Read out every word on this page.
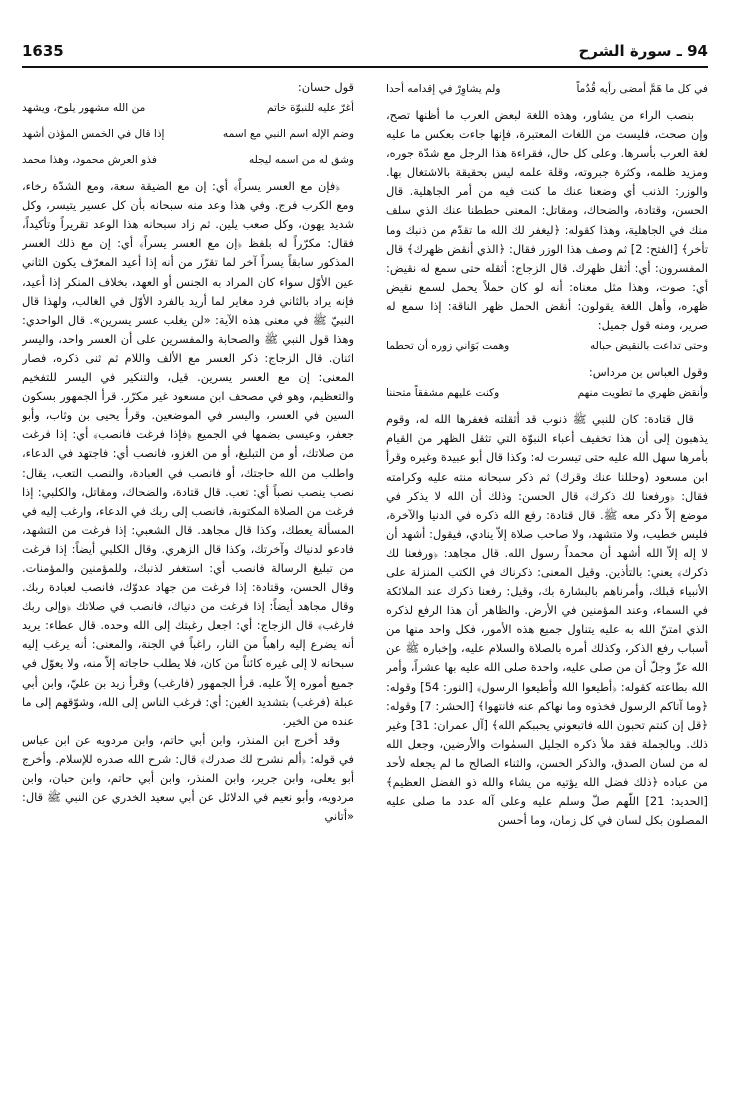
1635	94 ـ سورة الشرح
في كل ما هَمَّ أمضى رأيه قُدُماً
ولم يشاوِرْ في إقدامه أحدا

بنصب الراء من يشاور، وهذه اللغة لبعض العرب ما أظنها تصح، وإن صحت، فليست من اللغات المعتبرة، فإنها جاءت بعكس ما عليه لغة العرب بأسرها. وعلى كل حال، فقراءة هذا الرجل مع شدّة جوره، ومزيد ظلمه، وكثرة جبروته، وقلة علمه ليس بحقيقة بالاشتغال بها. والوزر: الذنب أي وضعنا عنك ما كنت فيه من أمر الجاهلية. قال الحسن، وقتادة، والضحاك، ومقاتل: المعنى حططنا عنك الذي سلف منك في الجاهلية، وهذا كقوله: ﴿ليغفر لك الله ما تقدّم من ذنبك وما تأخر﴾ [الفتح: 2] ثم وصف هذا الوزر فقال: ﴿الذي أنقض ظهرك﴾ قال المفسرون: أي: أثقل ظهرك. قال الزجاج: أثقله حتى سمع له نقيض: أي: صوت، وهذا مثل معناه: أنه لو كان حملاً يحمل لسمع نقيض ظهره، وأهل اللغة يقولون: أنقض الحمل ظهر الناقة: إذا سمع له صرير، ومنه قول جميل:

وحتى تداعت بالنقيض حباله
وهمت بَوَاني زوره أن تحطما

وقول العباس بن مرداس:

وأنقض ظهري ما تطويت منهم
وكنت عليهم مشفقاً متحننا

قال قتادة: كان للنبي ﷺ ذنوب قد أثقلته فغفرها الله له، وقوم يذهبون إلى أن هذا تخفيف أعباء النبوّة التي تثقل الظهر من القيام بأمرها سهل الله عليه حتى تيسرت له: وكذا قال أبو عبيدة وغيره وقرأ ابن مسعود (وحللنا عنك وقرك) ثم ذكر سبحانه منته عليه وكرامته فقال: ﴿ورفعنا لك ذكرك﴾ قال الحسن: وذلك أن الله لا يذكر في موضع إلاّ ذكر معه ﷺ. قال قتادة: رفع الله ذكره في الدنيا والآخرة، فليس خطيب، ولا متشهد، ولا صاحب صلاة إلاّ ينادي، فيقول: أشهد أن لا إله إلاّ الله أشهد أن محمداً رسول الله. قال مجاهد: ﴿ورفعنا لك ذكرك﴾ يعني: بالتأذين. وقيل المعنى: ذكرناك في الكتب المنزلة على الأنبياء قبلك، وأمرناهم بالبشارة بك، وقيل: رفعنا ذكرك عند الملائكة في السماء، وعند المؤمنين في الأرض. والظاهر أن هذا الرفع لذكره الذي امتنّ الله به عليه يتناول جميع هذه الأمور، فكل واحد منها من أسباب رفع الذكر، وكذلك أمره بالصلاة والسلام عليه، وإخباره ﷺ عن الله عزّ وجلّ أن من صلى عليه، واحدة صلى الله عليه بها عشراً، وأمر الله بطاعته كقوله: ﴿أطيعوا الله وأطيعوا الرسول﴾ [النور: 54] وقوله: ﴿وما آتاكم الرسول فخذوه وما نهاكم عنه فانتهوا﴾ [الحشر: 7] وقوله: ﴿قل إن كنتم تحبون الله فاتبعوني يحببكم الله﴾ [آل عمران: 31] وغير ذلك. وبالجملة فقد ملأ ذكره الجليل السمٰوات والأرضين، وجعل الله له من لسان الصدق، والذكر الحسن، والثناء الصالح ما لم يجعله لأحد من عباده ﴿ذلك فضل الله يؤتيه من يشاء والله ذو الفضل العظيم﴾ [الحديد: 21] اللّهم صلّ وسلم عليه وعلى آله عدد ما صلى عليه المصلون بكل لسان في كل زمان، وما أحسن

قول حسان:

أغرّ عليه للنبوّة خاتم
من الله مشهور يلوح، ويشهد
وضم الإله اسم النبي مع اسمه
إذا قال في الخمس المؤذن أشهد
وشق له من اسمه ليجله
فذو العرش محمود، وهذا محمد

﴿فإن مع العسر يسراً﴾ أي: إن مع الضيقة سعة، ومع الشدّة رخاء، ومع الكرب فرج. وفي هذا وعد منه سبحانه بأن كل عسير يتيسر، وكل شديد يهون، وكل صعب يلين. ثم زاد سبحانه هذا الوعد تقريراً وتأكيداً، فقال: مكرّراً له بلفظ ﴿إن مع العسر يسراً﴾ أي: إن مع ذلك العسر المذكور سابقاً يسراً آخر لما تقرّر من أنه إذا أعيد المعرّف يكون الثاني عين الأوّل سواء كان المراد به الجنس أو العهد، بخلاف المنكر إذا أعيد، فإنه يراد بالثاني فرد مغاير لما أريد بالفرد الأوّل في الغالب، ولهذا قال النبيّ ﷺ في معنى هذه الآية: «لن يغلب عسر يسرين». قال الواحدي: وهذا قول النبي ﷺ والصحابة والمفسرين على أن العسر واحد، واليسر اثنان. قال الزجاج: ذكر العسر مع الألف واللام ثم ثنى ذكره، فصار المعنى: إن مع العسر يسرين. قيل، والتنكير في اليسر للتفخيم والتعظيم، وهو في مصحف ابن مسعود غير مكرّر. قرأ الجمهور بسكون السين في العسر، واليسر في الموضعين. وقرأ يحيى بن وثاب، وأبو جعفر، وعيسى بضمها في الجميع ﴿فإذا فرغت فانصب﴾ أي: إذا فرغت من صلاتك، أو من التبليغ، أو من الغزو، فانصب أي: فاجتهد في الدعاء، واطلب من الله حاجتك، أو فانصب في العبادة، والنصب التعب، يقال: نصب ينصب نصباً أي: تعب. قال قتادة، والضحاك، ومقاتل، والكلبي: إذا فرغت من الصلاة المكتوبة، فانصب إلى ربك في الدعاء، وارغب إليه في المسألة يعطك، وكذا قال مجاهد. قال الشعبي: إذا فرغت من التشهد، فادعو لدنياك وآخرتك، وكذا قال الزهري. وقال الكلبي أيضاً: إذا فرغت من تبليغ الرسالة فانصب أي: استغفر لذنبك، وللمؤمنين والمؤمنات. وقال الحسن، وقتادة: إذا فرغت من جهاد عدوّك، فانصب لعبادة ربك. وقال مجاهد أيضاً: إذا فرغت من دنياك، فانصب في صلاتك ﴿وإلى ربك فارغب﴾ قال الزجاج: أي: اجعل رغبتك إلى الله وحده. قال عطاء: يريد أنه يضرع إليه راهباً من النار، راغباً في الجنة، والمعنى: أنه يرغب إليه سبحانه لا إلى غيره كائناً من كان، فلا يطلب حاجاته إلاّ منه، ولا يعوّل في جميع أموره إلاّ عليه. قرأ الجمهور (فارغب) وقرأ زيد بن عليّ، وابن أبي عبلة (فرغب) بتشديد الغين: أي: فرغب الناس إلى الله، وشوّقهم إلى ما عنده من الخير.

وقد أخرج ابن المنذر، وابن أبي حاتم، وابن مردويه عن ابن عباس في قوله: ﴿ألم نشرح لك صدرك﴾ قال: شرح الله صدره للإسلام. وأخرج أبو يعلى، وابن جرير، وابن المنذر، وابن أبي حاتم، وابن حبان، وابن مردويه، وأبو نعيم في الدلائل عن أبي سعيد الخدري عن النبي ﷺ قال: «أتاني
